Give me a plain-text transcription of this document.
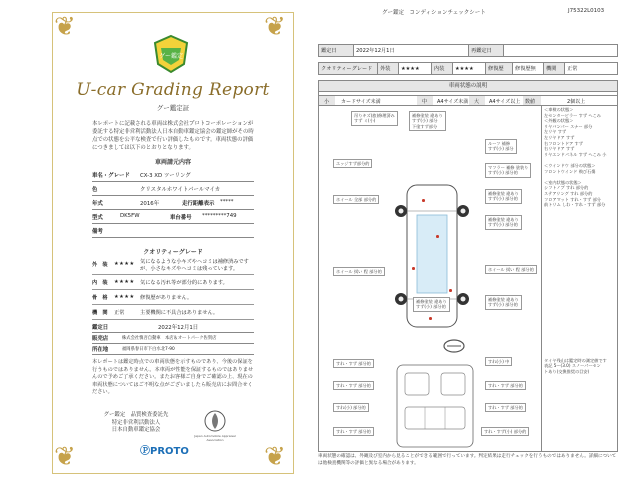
❦	❦
❦	❦
グー鑑定
U-car Grading Report
グー鑑定証
本レポートに記載される車両は株式会社プロトコーポレーションが委託する特定非営利活動法人日本自動車鑑定協会の鑑定師がその時点での状態を公平な検査で行い評価したものです。車両状態の評価につきましては以下のとおりとなります。
車両請元内容
車名・グレード CX-3 XD ツーリング
色	クリスタルホワイトパールマイカ
年式	2016年	走行距離表示 *****
型式	DK5FW	車台番号 *********749
備考
クオリティーグレード
外　装 ★★★★ 気になるような小キズやヘコミは補修済みですが、小さなキズやヘコミは残っています。
内　装 ★★★★ 気になる汚れ等が部分的にあります。
骨　格 ★★★★ 修復歴がありません。
機　関 正常	主要機関に不具合はありません。
鑑定日	2022年12月1日
販売店	株式会社慎吾自動車　本店＆オートパーク佐賀店
所在地	福岡県春日市下白水北7-90
本レポートは鑑定時点での車両状態を示すものであり、今後の保証を行うものではありません。本車両が性能を保証するものではありませんので予めご了承ください。またお客様ご自身でご確認の上、現在の車両状態についてはご不明な点がございましたら販売店にお問合せください。
グー鑑定　品質検査委託先
特定非営利活動法人
日本自動車鑑定協会
Japan Automobile Appraisal Association
ⓅPROTO
グー鑑定　コンディションチェックシート	J75322L0103
鑑定日	2022年12月1日	再鑑定日	
クオリティーグレード	外装	★★★★	内装	★★★★	修復歴	修復歴無	機関	正常
車両状態の説明
小 カードサイズ未満	中 A4サイズ未満 大 A4サイズ以上 数値	2個以上
吊りキズ(旅)修理済み
すず ミ(小)
補修塗装 違あり
すず(小) 部分
下塗すず部分
ルーフ 補修
すず(小) 部分
エッジすず部分的
マフラー 補修 塗装り
すず(小) 部分的
補修塗装 違あり
すず(小) 部分的
ホイール 全部 部分的
補修塗装 違あり
すず(小) 部分的
ホイール 拭い 程 部分的	ホイール 拭い 程 部分的
補修塗装 違あり
すず(小) 部分的
補修塗装 違あり
すず(小) 部分的
すれ・すず 部分的	すれ(小) 中
すれ・すず 部分的	すれ・すず 部分的
すれ(小) 部分的	すれ・すず 部分的
すれ・すず 部分的	すれ・すず(小) 部分的
＜車検の状態＞
左センターピラー すず へこみ
＜外観の状態＞
リヤバンパー スナー 部分
左リヤ すず
左リヤドア すず
右フロントドア すず
右リヤドア すず
リヤエンドパネル すず へこみ 小

＜ウインドウ 部分の状態＞
フロントウインド 飛び石傷

＜室内状態の状態＞
シフトノブ すれ 部分的
ステアリング すれ 部分的
フロアマット すれ・すず 部分
前トリム しわ・すれ・すず 部分
タイヤ残山は鑑定時の測定値です
表記 5～(3.0) スノーパーセン
トあり(交換推奨の目安)
車両状態の確認は、外観及び室内から見ることができる範囲で行っています。判定結果は走行チェックを行うものではありません。詳細については他検査機関等の評価と異なる場合があります。
